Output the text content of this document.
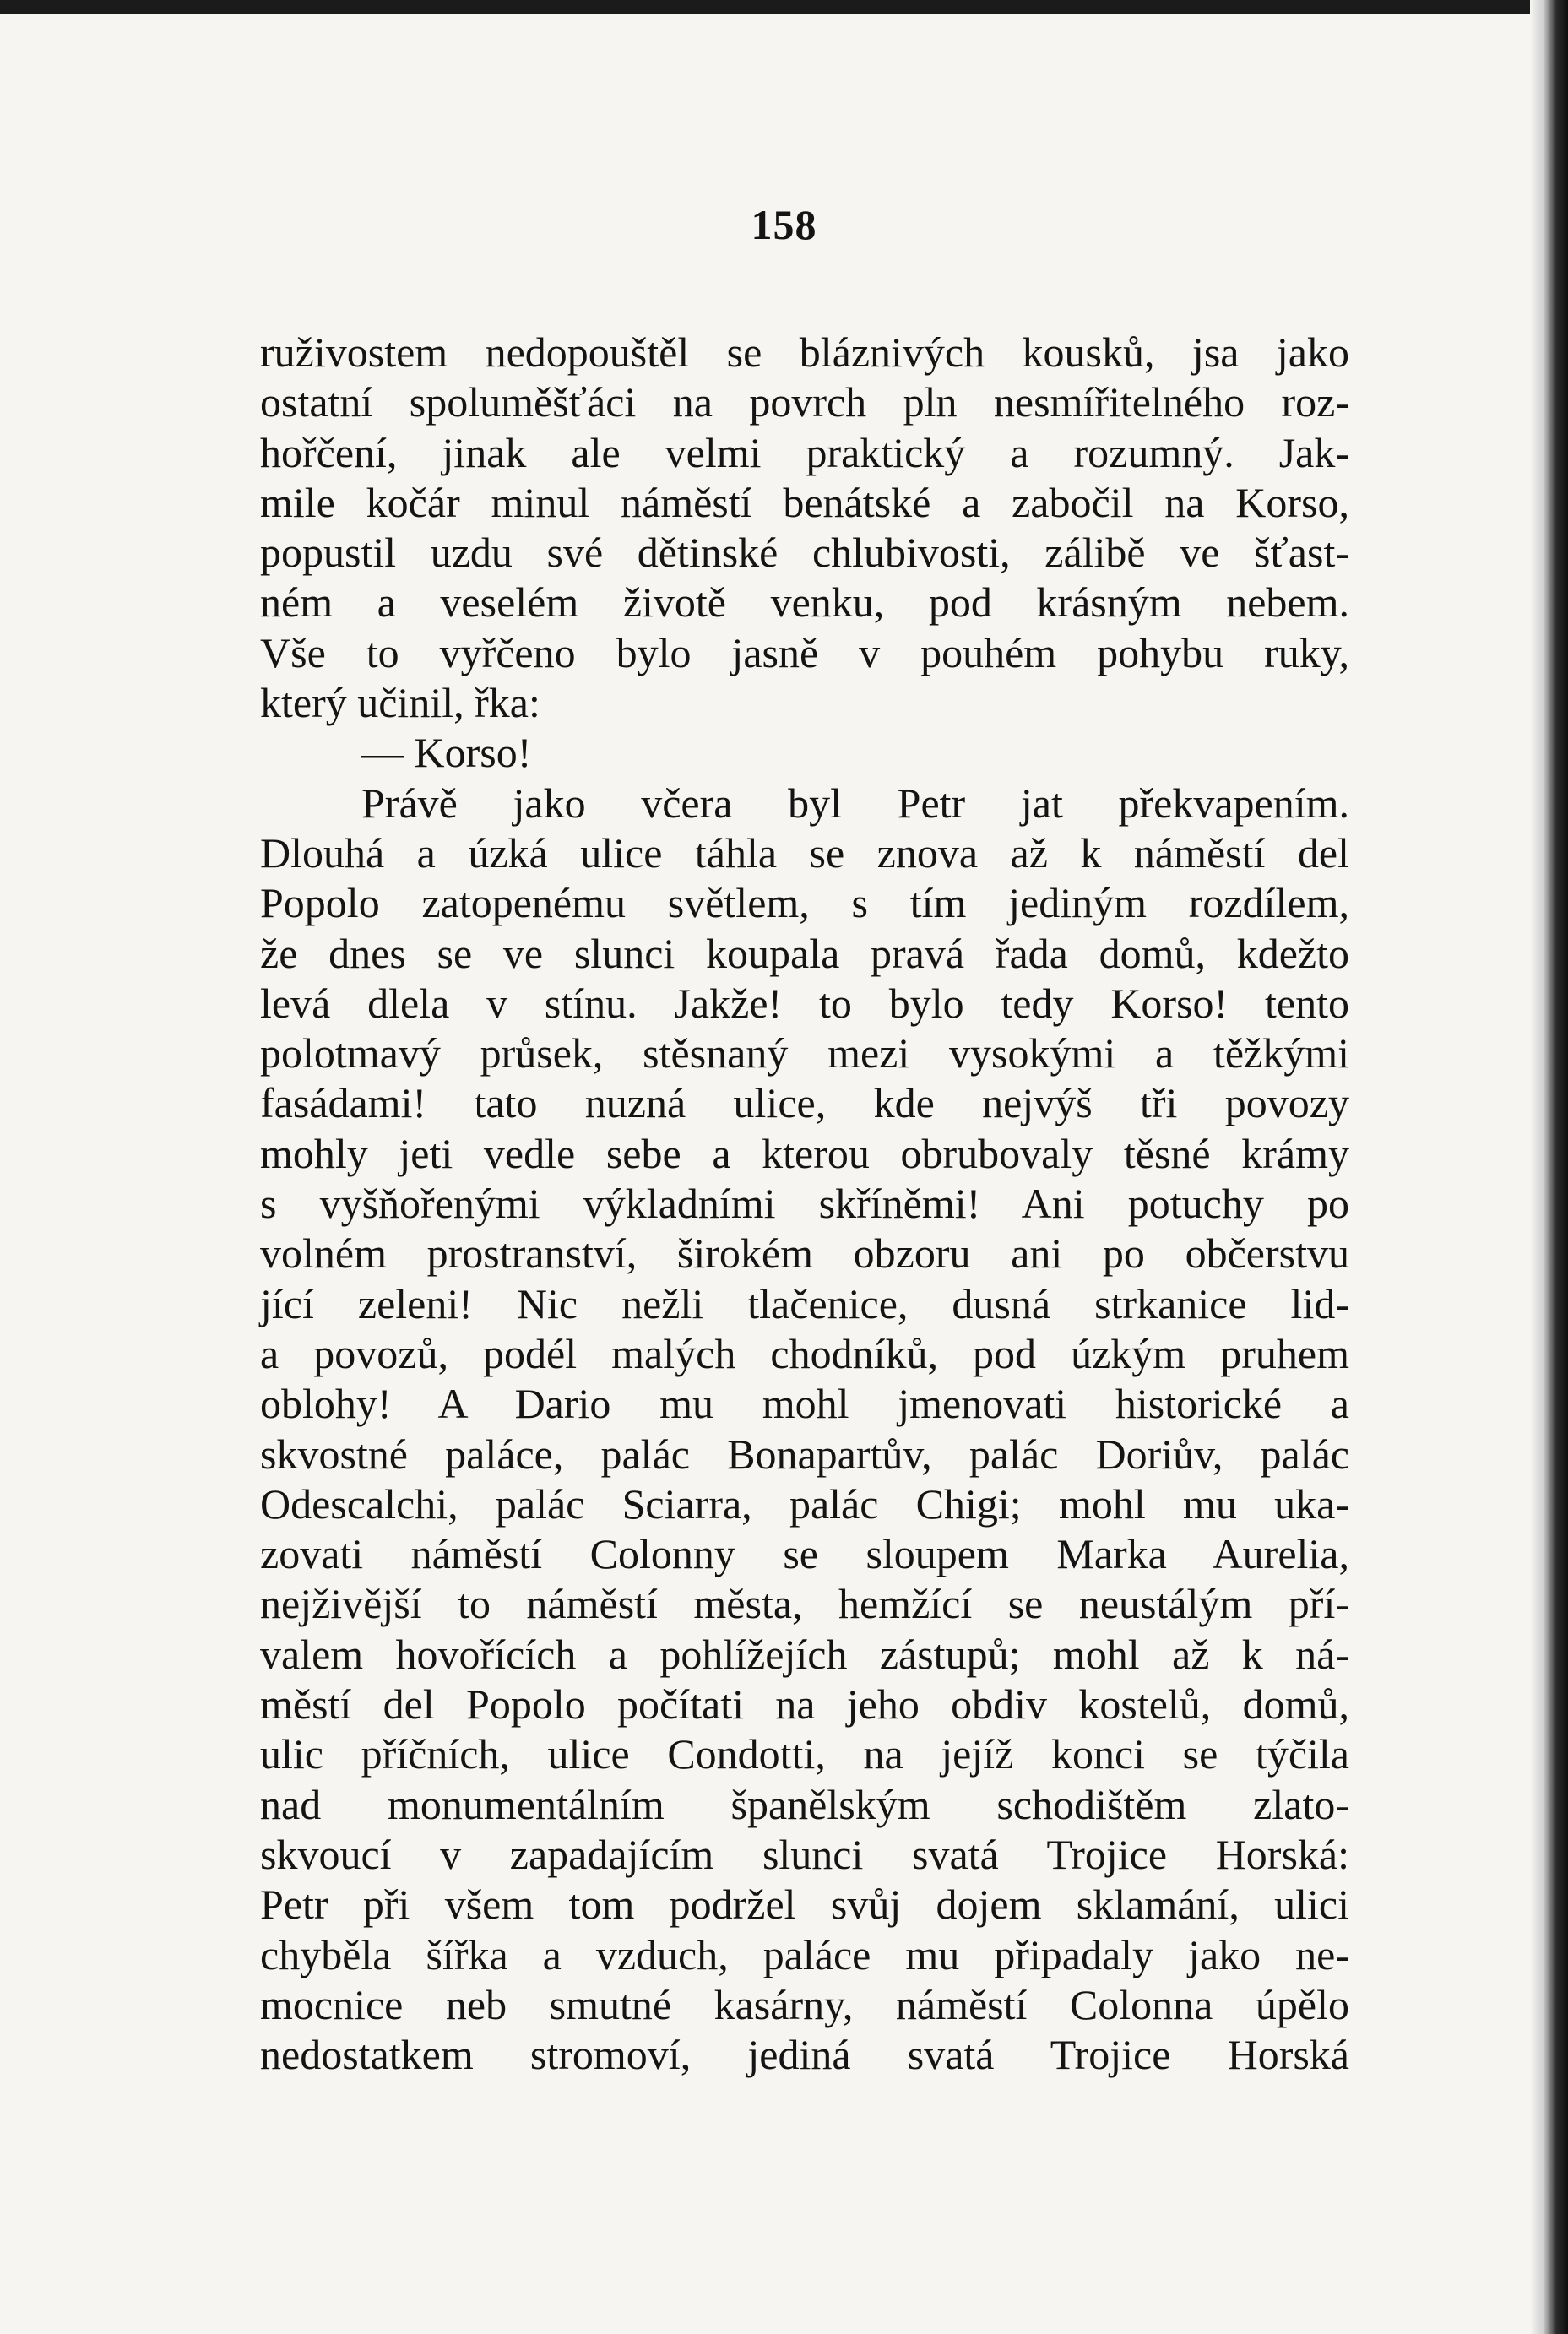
158
ruživostem nedopouštěl se bláznivých kousků, jsa jako
ostatní spoluměšťáci na povrch pln nesmířitelného roz-
hořčení, jinak ale velmi praktický a rozumný. Jak-
mile kočár minul náměstí benátské a zabočil na Korso,
popustil uzdu své dětinské chlubivosti, zálibě ve šťast-
ném a veselém životě venku, pod krásným nebem.
Vše to vyřčeno bylo jasně v pouhém pohybu ruky,
který učinil, řka:
— Korso!
Právě jako včera byl Petr jat překvapením.
Dlouhá a úzká ulice táhla se znova až k náměstí del
Popolo zatopenému světlem, s tím jediným rozdílem,
že dnes se ve slunci koupala pravá řada domů, kdežto
levá dlela v stínu. Jakže! to bylo tedy Korso! tento
polotmavý průsek, stěsnaný mezi vysokými a těžkými
fasádami! tato nuzná ulice, kde nejvýš tři povozy
mohly jeti vedle sebe a kterou obrubovaly těsné krámy
s vyšňořenými výkladními skříněmi! Ani potuchy po
volném prostranství, širokém obzoru ani po občerstvu
jící zeleni! Nic nežli tlačenice, dusná strkanice lid-
a povozů, podél malých chodníků, pod úzkým pruhem
oblohy! A Dario mu mohl jmenovati historické a
skvostné paláce, palác Bonapartův, palác Doriův, palác
Odescalchi, palác Sciarra, palác Chigi; mohl mu uka-
zovati náměstí Colonny se sloupem Marka Aurelia,
nejživější to náměstí města, hemžící se neustálým pří-
valem hovořících a pohlížejích zástupů; mohl až k ná-
městí del Popolo počítati na jeho obdiv kostelů, domů,
ulic příčních, ulice Condotti, na jejíž konci se týčila
nad monumentálním španělským schodištěm zlato-
skvoucí v zapadajícím slunci svatá Trojice Horská:
Petr při všem tom podržel svůj dojem sklamání, ulici
chyběla šířka a vzduch, paláce mu připadaly jako ne-
mocnice neb smutné kasárny, náměstí Colonna úpělo
nedostatkem stromoví, jediná svatá Trojice Horská
